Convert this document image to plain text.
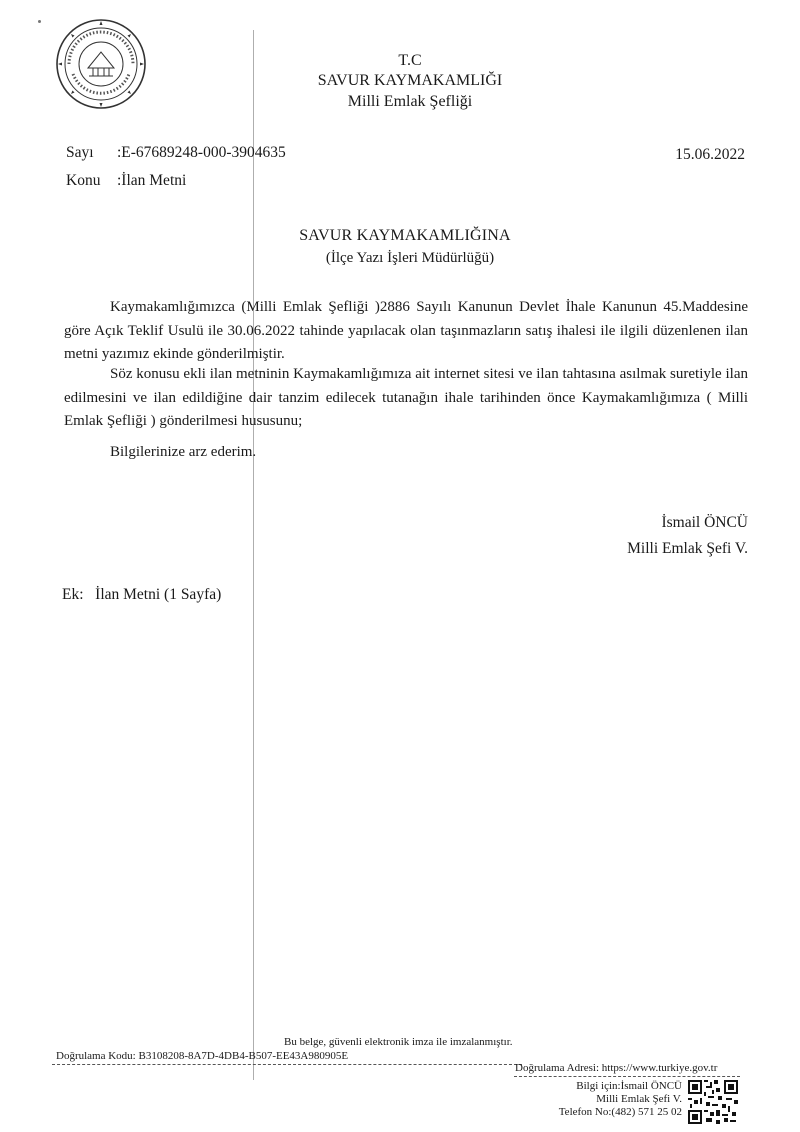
T.C
SAVUR KAYMAKAMLIĞI
Milli Emlak Şefliği
Sayı :E-67689248-000-3904635	15.06.2022
Konu :İlan Metni
SAVUR KAYMAKAMLIĞINA
(İlçe Yazı İşleri Müdürlüğü)
Kaymakamlığımızca (Milli Emlak Şefliği )2886 Sayılı Kanunun Devlet İhale Kanunun 45.Maddesine göre Açık Teklif Usulü ile 30.06.2022 tahinde yapılacak olan taşınmazların satış ihalesi ile ilgili düzenlenen ilan metni yazımız ekinde gönderilmiştir.
Söz konusu ekli ilan metninin Kaymakamlığımıza ait internet sitesi ve ilan tahtasına asılmak suretiyle ilan edilmesini ve ilan edildiğine dair tanzim edilecek tutanağın ihale tarihinden önce Kaymakamlığımıza ( Milli Emlak Şefliği ) gönderilmesi hususunu;
Bilgilerinize arz ederim.
İsmail ÖNCÜ
Milli Emlak Şefi V.
Ek: İlan Metni (1 Sayfa)
Bu belge, güvenli elektronik imza ile imzalanmıştır.
Doğrulama Kodu: B3108208-8A7D-4DB4-B507-EE43A980905E
Doğrulama Adresi: https://www.turkiye.gov.tr
Bilgi için:İsmail ÖNCÜ
Milli Emlak Şefi V.
Telefon No:(482) 571 25 02
